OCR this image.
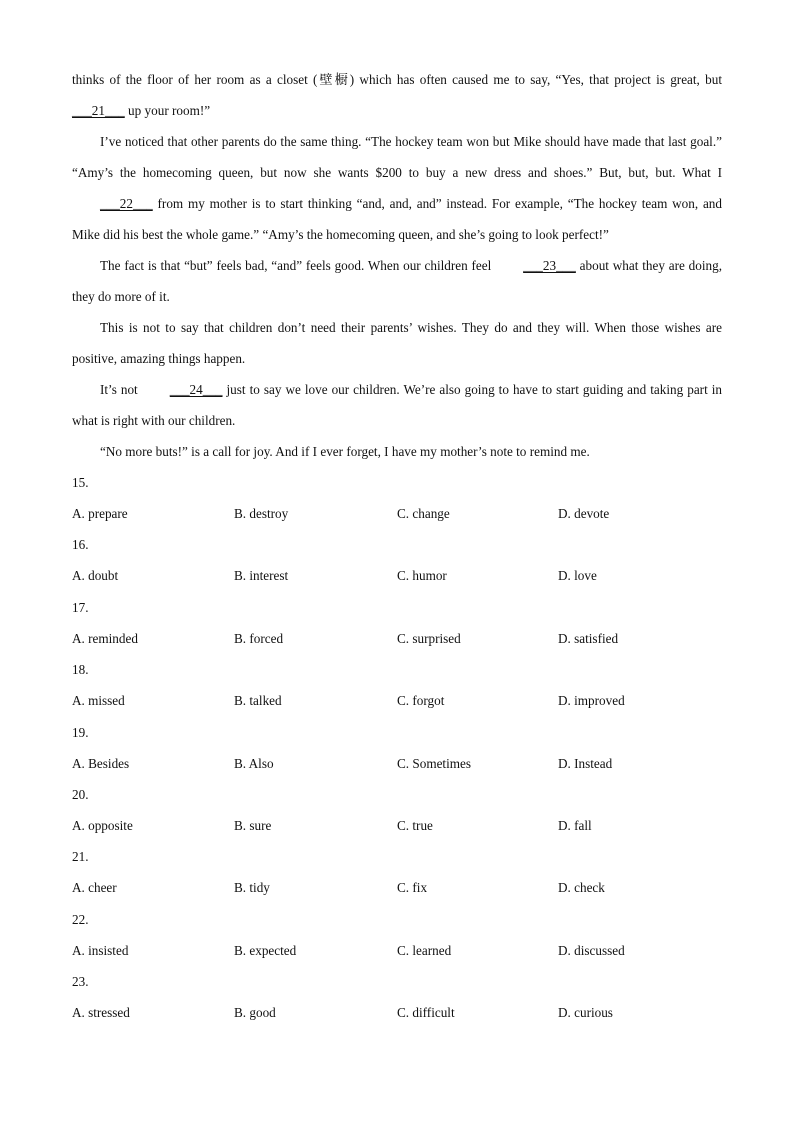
thinks of the floor of her room as a closet (壁橱) which has often caused me to say, “Yes, that project is great, but ___21___ up your room!”

I’ve noticed that other parents do the same thing. “The hockey team won but Mike should have made that last goal.” “Amy’s the homecoming queen, but now she wants $200 to buy a new dress and shoes.” But, but, but. What I ___22___ from my mother is to start thinking “and, and, and” instead. For example, “The hockey team won, and Mike did his best the whole game.” “Amy’s the homecoming queen, and she’s going to look perfect!”

The fact is that “but” feels bad, “and” feels good. When our children feel ___23___ about what they are doing, they do more of it.

This is not to say that children don’t need their parents’ wishes. They do and they will. When those wishes are positive, amazing things happen.

It’s not ___24___ just to say we love our children. We’re also going to have to start guiding and taking part in what is right with our children.

“No more buts!” is a call for joy. And if I ever forget, I have my mother’s note to remind me.

15.
A. prepare	B. destroy	C. change	D. devote
16.
A. doubt	B. interest	C. humor	D. love
17.
A. reminded	B. forced	C. surprised	D. satisfied
18.
A. missed	B. talked	C. forgot	D. improved
19.
A. Besides	B. Also	C. Sometimes	D. Instead
20.
A. opposite	B. sure	C. true	D. fall
21.
A. cheer	B. tidy	C. fix	D. check
22.
A. insisted	B. expected	C. learned	D. discussed
23.
A. stressed	B. good	C. difficult	D. curious
